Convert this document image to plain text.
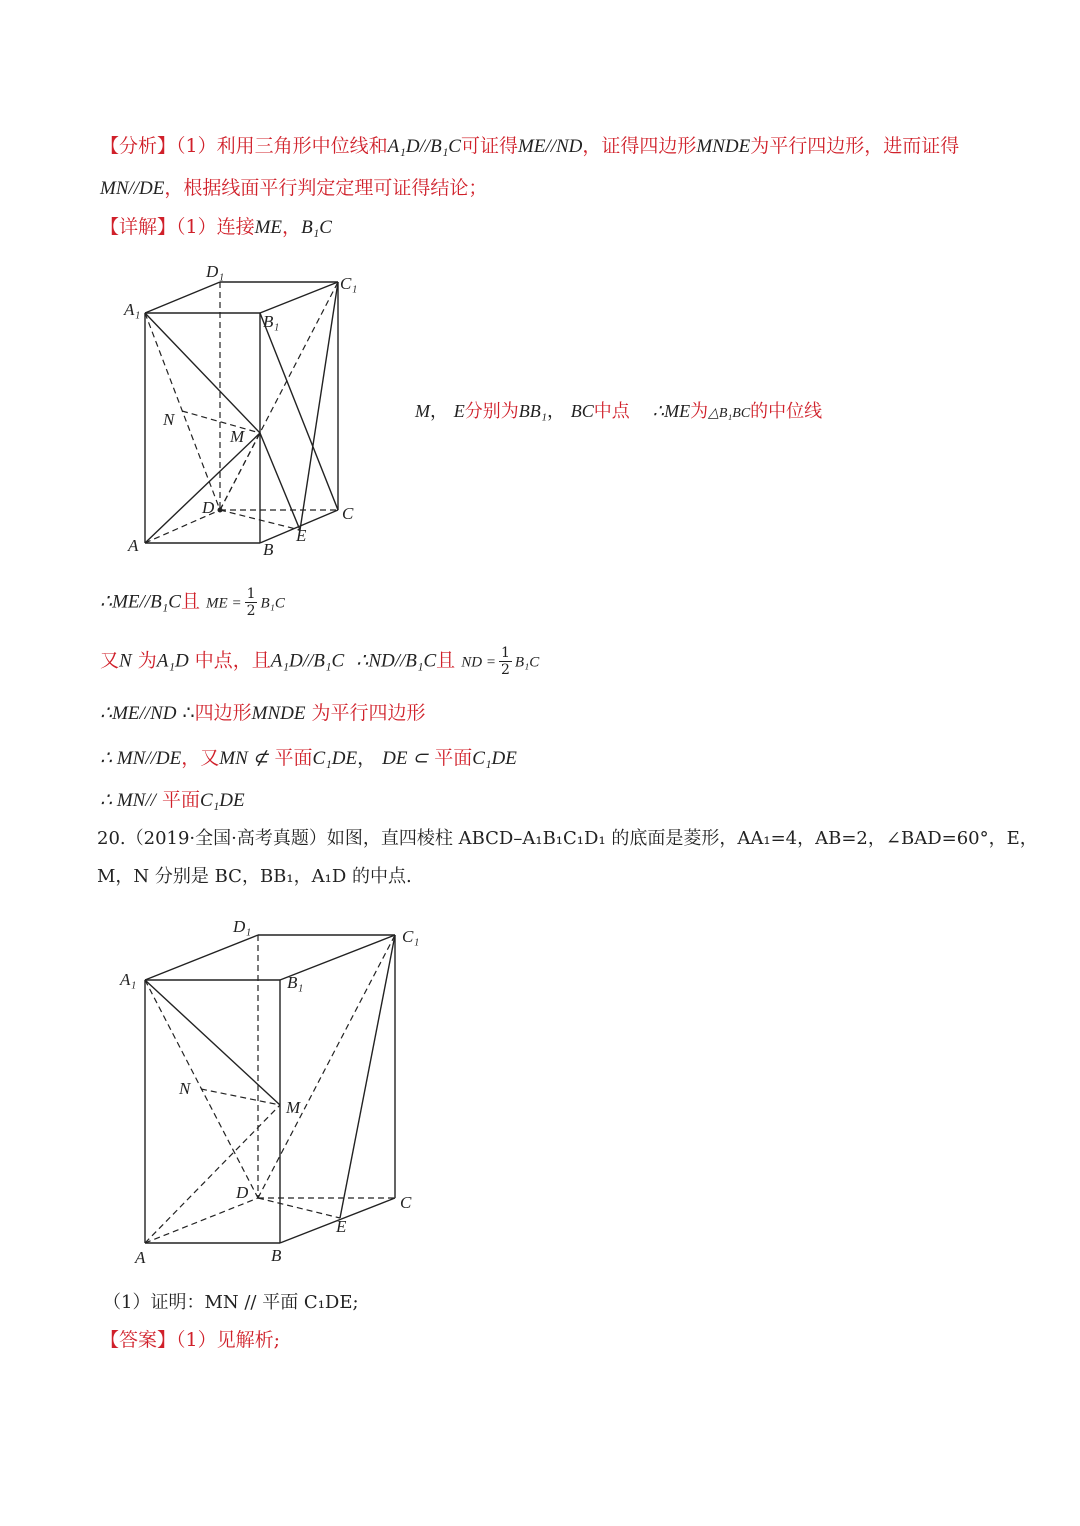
【分析】（1）利用三角形中位线和A₁D//B₁C可证得ME//ND，证得四边形MNDE为平行四边形，进而证得
MN//DE，根据线面平行判定定理可证得结论；
【详解】（1）连接ME，B₁C
D₁
C₁
A₁
B₁
N
M
D	C
A	B
E
M， E分别为BB₁， BC中点 ∴ME为△B₁BC的中位线
∴ME//B₁C且 ME = $\frac{1}{2} B_1C$
又N 为A₁D 中点，且A₁D//B₁C ∴ND//B₁C且 ND = $\frac{1}{2} B_1C$
∴ME//ND ∴四边形MNDE 为平行四边形
∴ MN//DE，又MN ⊄ 平面C₁DE， DE ⊂ 平面C₁DE
∴ MN// 平面C₁DE
20.（2019·全国·高考真题）如图，直四棱柱 ABCD–A₁B₁C₁D₁ 的底面是菱形，AA₁=4，AB=2，∠BAD=60°，E，
M，N 分别是 BC，BB₁，A₁D 的中点.
D₁
C₁
A₁	B₁
N
M
D
C
A	B
E
（1）证明：MN // 平面 C₁DE;
【答案】（1）见解析;
